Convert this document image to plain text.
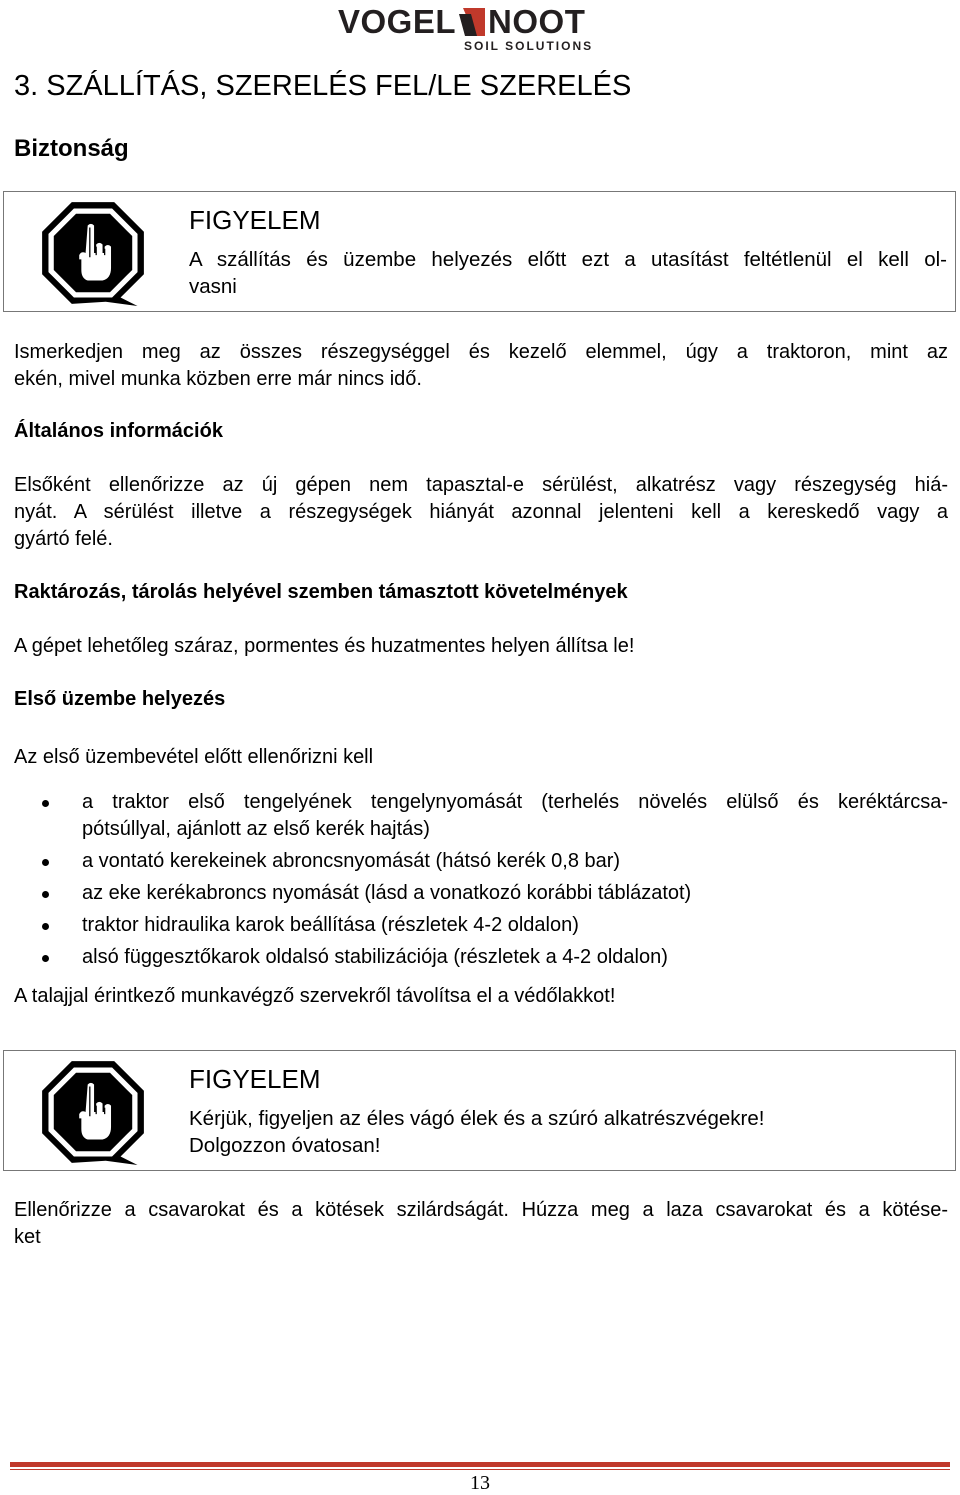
VOGEL NOOT
SOIL SOLUTIONS
3. SZÁLLÍTÁS, SZERELÉS FEL/LE SZERELÉS
Biztonság
FIGYELEM
A szállítás és üzembe helyezés előtt ezt a utasítást feltétlenül el kell ol-
vasni
Ismerkedjen meg az összes részegységgel és kezelő elemmel, úgy a traktoron, mint az
ekén, mivel munka közben erre már nincs idő.
Általános információk
Elsőként ellenőrizze az új gépen nem tapasztal-e sérülést, alkatrész vagy részegység hiá-
nyát. A sérülést illetve a részegységek hiányát azonnal jelenteni kell a kereskedő vagy a
gyártó felé.
Raktározás, tárolás helyével szemben támasztott követelmények
A gépet lehetőleg száraz, pormentes és huzatmentes helyen állítsa le!
Első üzembe helyezés
Az első üzembevétel előtt ellenőrizni kell
a traktor első tengelyének tengelynyomását (terhelés növelés elülső és keréktárcsa-
pótsúllyal, ajánlott az első kerék hajtás)
a vontató kerekeinek abroncsnyomását (hátsó kerék 0,8 bar)
az eke kerékabroncs nyomását (lásd a vonatkozó korábbi táblázatot)
traktor hidraulika karok beállítása (részletek 4-2 oldalon)
alsó függesztőkarok oldalsó stabilizációja (részletek a 4-2 oldalon)
A talajjal érintkező munkavégző szervekről távolítsa el a védőlakkot!
FIGYELEM
Kérjük, figyeljen az éles vágó élek és a szúró alkatrészvégekre!
Dolgozzon óvatosan!
Ellenőrizze a csavarokat és a kötések szilárdságát. Húzza meg a laza csavarokat és a kötése-
ket
13
